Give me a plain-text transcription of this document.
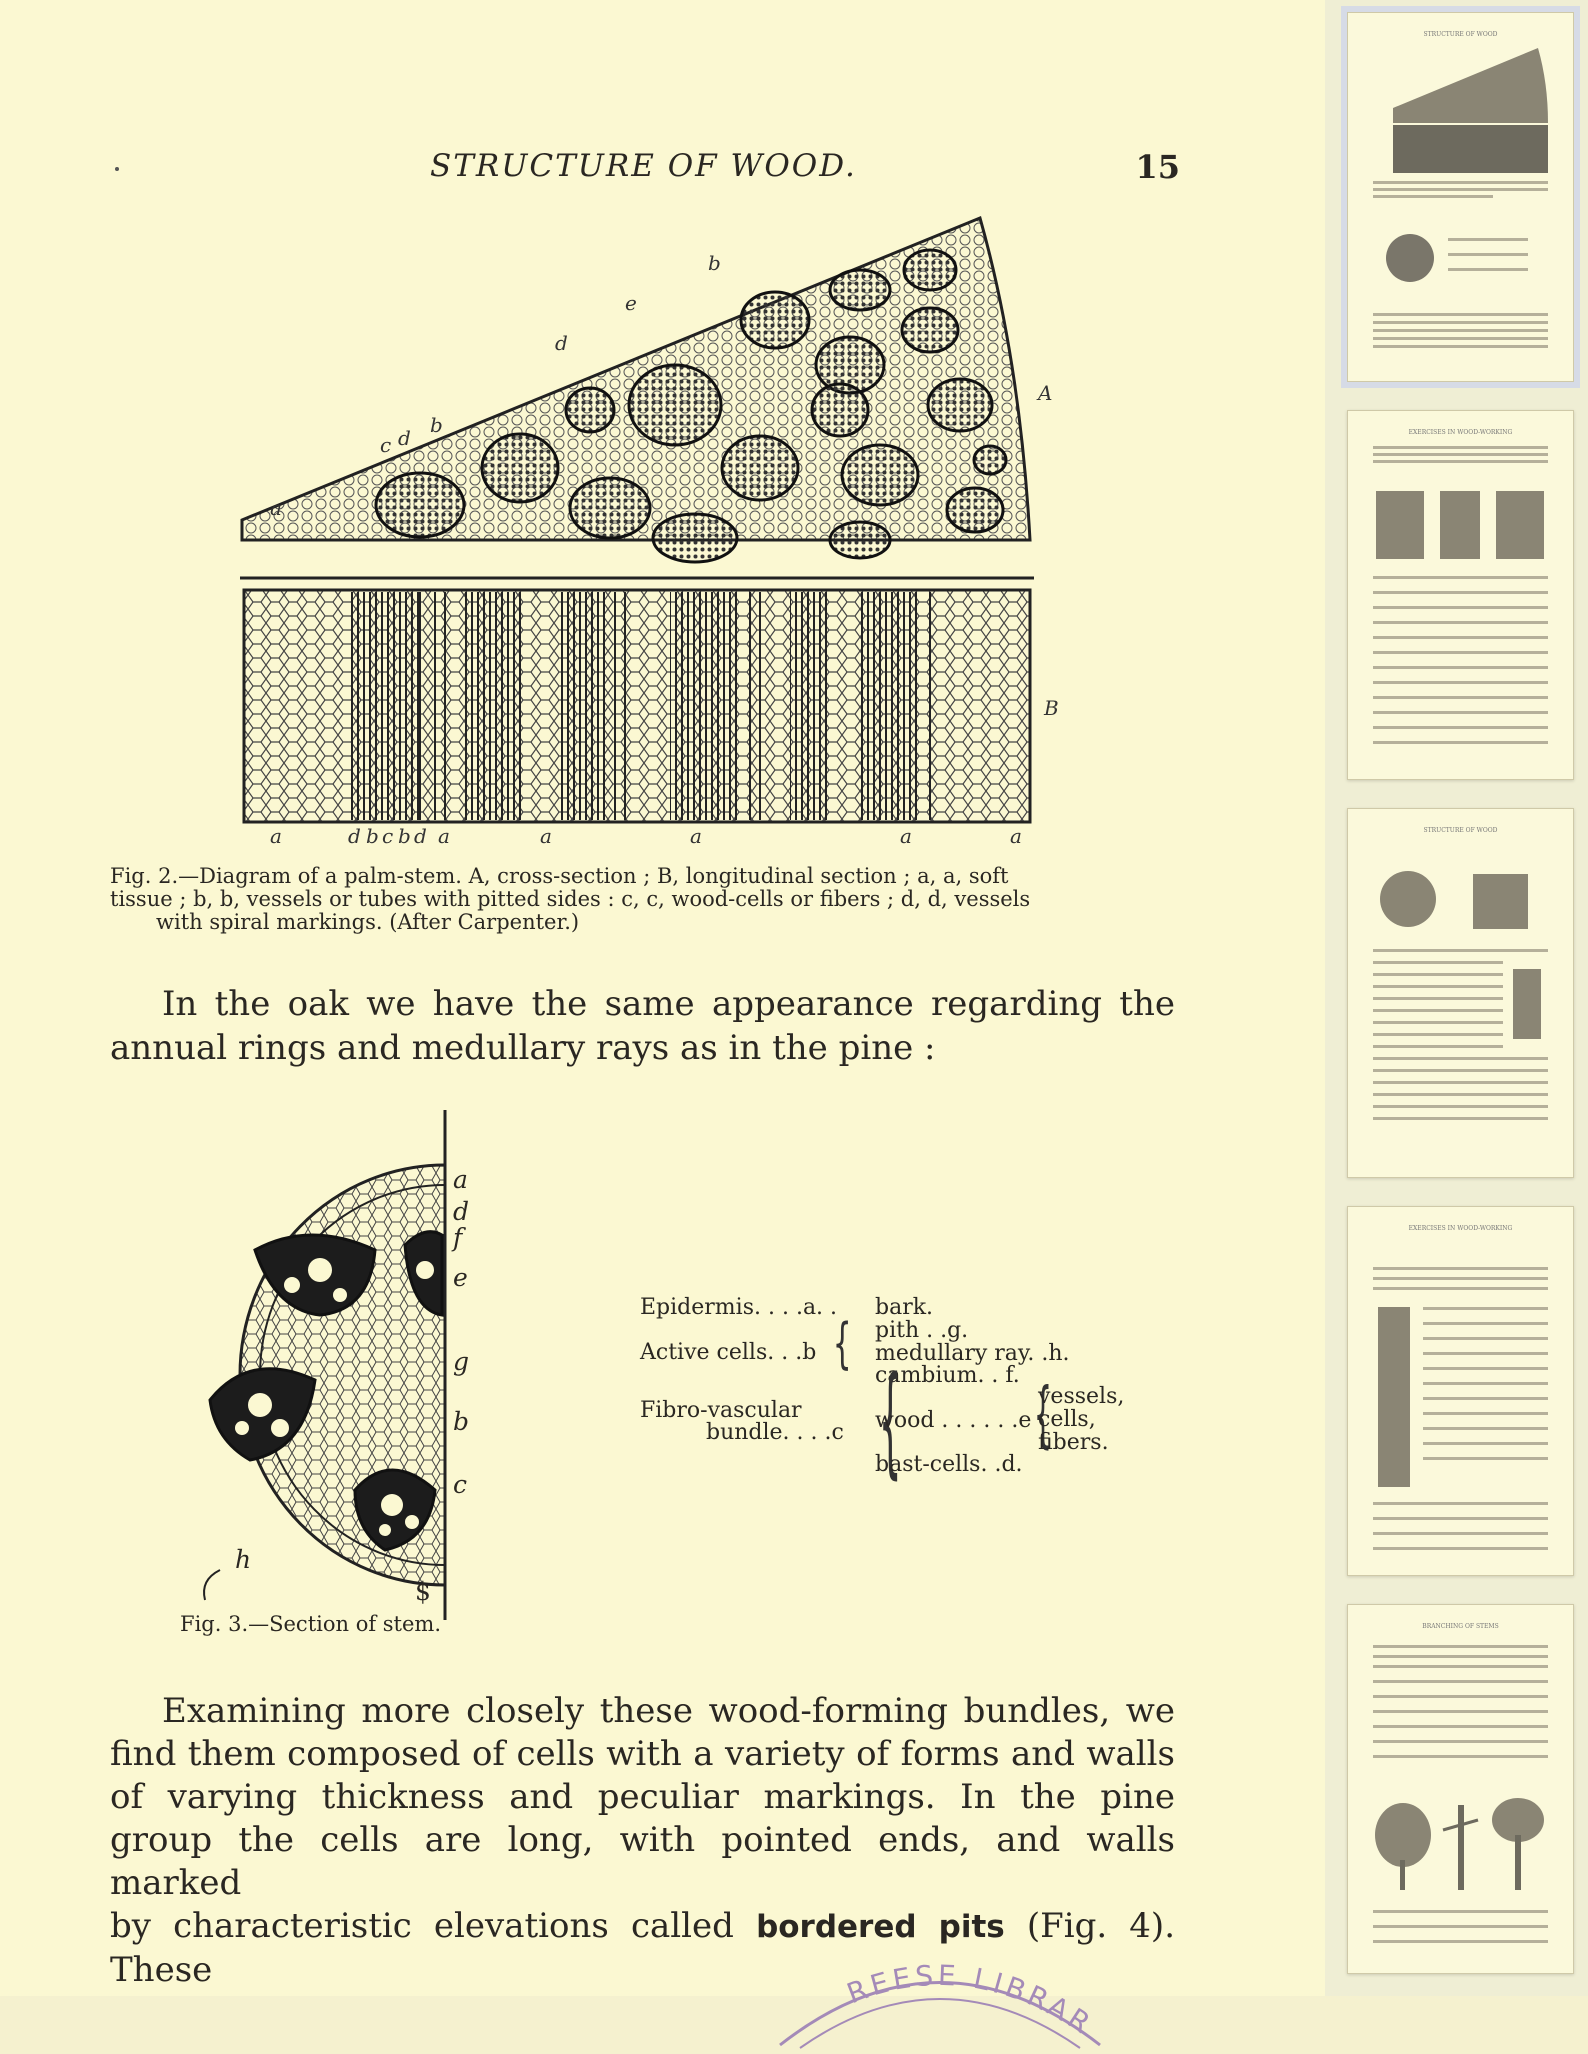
STRUCTURE OF WOOD.	15
A
B
a
c d
b
d
e
b
a	d b c b d a	a	a	a	a
Fig. 2.—Diagram of a palm-stem. A, cross-section ; B, longitudinal section ; a, a, soft
tissue ; b, b, vessels or tubes with pitted sides : c, c, wood-cells or fibers ; d, d, vessels
with spiral markings. (After Carpenter.)
In the oak we have the same appearance regarding the
annual rings and medullary rays as in the pine :
a
d
f
e
g
b
c
h
$
Fig. 3.—Section of stem.
Epidermis. . . .a. . bark.
pith . .g.
Active cells. . .b { medullary ray. .h.
cambium. . f.
{
Fibro-vascular
bundle. . . .c wood . . . . . .e {
vessels,
cells,
fibers.
bast-cells. .d.

Examining more closely these wood-forming bundles, we

find them composed of cells with a variety of forms and walls

of varying thickness and peculiar markings. In the pine

group the cells are long, with pointed ends, and walls marked

by characteristic elevations called bordered pits (Fig. 4). These

REESE LIBRAR
STRUCTURE OF WOOD
EXERCISES IN WOOD-WORKING
STRUCTURE OF WOOD
EXERCISES IN WOOD-WORKING
BRANCHING OF STEMS
